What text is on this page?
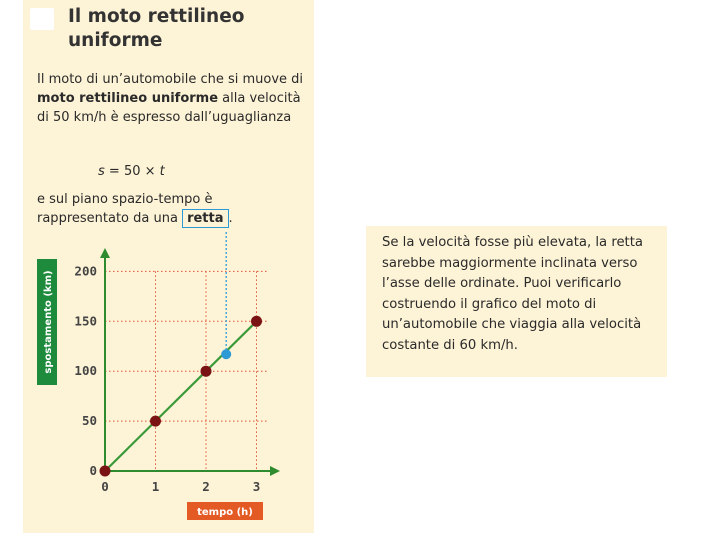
Il moto rettilineo uniforme

Il moto di un’automobile che si muove di moto rettilineo uniforme alla velocità di 50 km/h è espresso dall’uguaglianza

s = 50 × t

e sul piano spazio-tempo è rappresentato da una retta .

0
50
100
150
200
0	1	2	3
spostamento (km)
tempo (h)

Se la velocità fosse più elevata, la retta sarebbe maggiormente inclinata verso l’asse delle ordinate. Puoi verificarlo costruendo il grafico del moto di un’automobile che viaggia alla velocità costante di 60 km/h.
